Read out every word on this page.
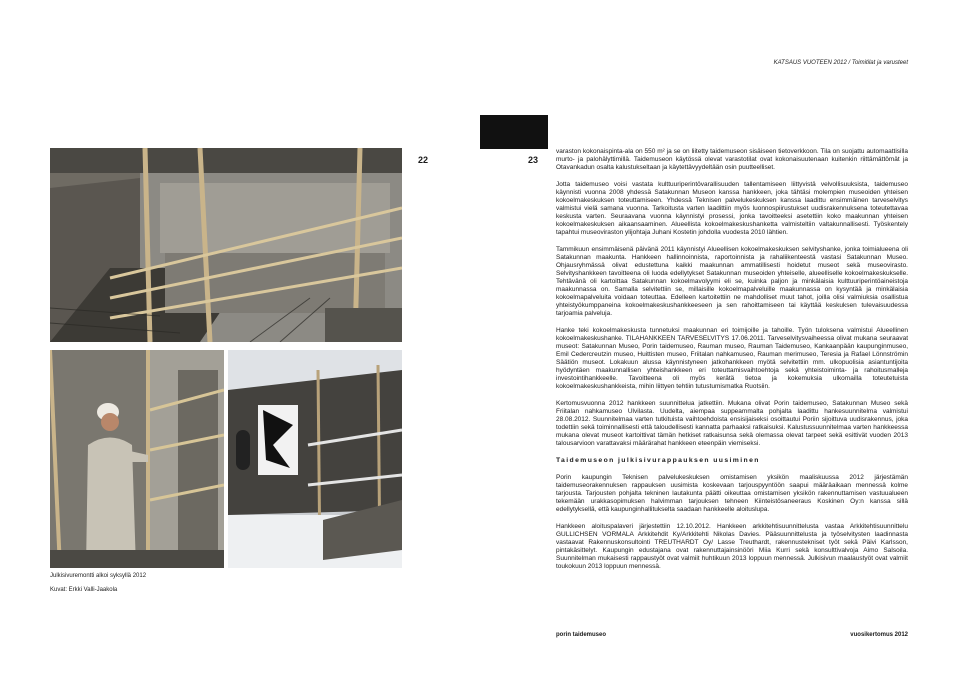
22
Julkisivuremontti alkoi syksyllä 2012
Kuvat: Erkki Valli-Jaakola
23
KATSAUS VUOTEEN 2012 / Toimitilat ja varusteet

varaston kokonaispinta-ala on 550 m² ja se on liitetty taidemuseon sisäiseen tietoverkkoon. Tila on suojattu automaattisilla murto- ja palohälyttimillä. Taidemuseon käytössä olevat varastotilat ovat kokonaisuutenaan kuitenkin riittämättömät ja Otavankadun osalta kalustukseltaan ja käytettävyydeltään osin puutteelliset.

Jotta taidemuseo voisi vastata kulttuuriperintövarallisuuden tallentamiseen liittyvistä velvollisuuksista, taidemuseo käynnisti vuonna 2008 yhdessä Satakunnan Museon kanssa hankkeen, joka tähtäsi molempien museoiden yhteisen kokoelmakeskuksen toteuttamiseen. Yhdessä Teknisen palvelukeskuksen kanssa laadittu ensimmäinen tarveselvitys valmistui vielä samana vuonna. Tarkoitusta varten laadittiin myös luonnospiirustukset uudisrakennuksena toteutettavaa keskusta varten. Seuraavana vuonna käynnistyi prosessi, jonka tavoitteeksi asetettiin koko maakunnan yhteisen kokoelmakeskuksen aikaansaaminen. Alueellista kokoelmakeskushanketta valmisteltiin valtakunnallisesti. Työskentely tapahtui museoviraston ylijohtaja Juhani Kostetin johdolla vuodesta 2010 lähtien.

Tammikuun ensimmäisenä päivänä 2011 käynnistyi Alueellisen kokoelmakeskuksen selvityshanke, jonka toimialueena oli Satakunnan maakunta. Hankkeen hallinnoinnista, raportoinnista ja rahaliikenteestä vastasi Satakunnan Museo. Ohjausryhmässä olivat edustettuna kaikki maakunnan ammatillisesti hoidetut museot sekä museovirasto. Selvityshankkeen tavoitteena oli luoda edellytykset Satakunnan museoiden yhteiselle, alueelliselle kokoelmakeskukselle. Tehtävänä oli kartoittaa Satakunnan kokoelmavolyymi eli se, kuinka paljon ja minkälaisia kulttuuriperintöaineistoja maakunnassa on. Samalla selvitettiin se, millaisille kokoelmapalveluille maakunnassa on kysyntää ja minkälaisia kokoelmapalveluita voidaan toteuttaa. Edelleen kartoitettiin ne mahdolliset muut tahot, joilla olisi valmiuksia osallistua yhteistyökumppaneina kokoelmakeskushankkeeseen ja sen rahoittamiseen tai käyttää keskuksen tulevaisuudessa tarjoamia palveluja.

Hanke teki kokoelmakeskusta tunnetuksi maakunnan eri toimijoille ja tahoille. Työn tuloksena valmistui Alueellinen kokoelmakeskushanke. TILAHANKKEEN TARVESELVITYS 17.06.2011. Tarveselvitysvaiheessa olivat mukana seuraavat museot: Satakunnan Museo, Porin taidemuseo, Rauman museo, Rauman Taidemuseo, Kankaanpään kaupunginmuseo, Emil Cedercreutzin museo, Huittisten museo, Friitalan nahkamuseo, Rauman merimuseo, Teresia ja Rafael Lönnströmin Säätiön museot. Lokakuun alussa käynnistyneen jatkohankkeen myötä selvitettiin mm. ulkopuolisia asiantuntijoita hyödyntäen maakunnallisen yhteishankkeen eri toteuttamisvaihtoehtoja sekä yhteistoiminta- ja rahoitusmalleja investointihankkeelle. Tavoitteena oli myös kerätä tietoa ja kokemuksia ulkomailla toteutetuista kokoelmakeskushankkeista, mihin liittyen tehtiin tutustumismatka Ruotsiin.

Kertomusvuonna 2012 hankkeen suunnittelua jatkettiin. Mukana olivat Porin taidemuseo, Satakunnan Museo sekä Friitalan nahkamuseo Ulvilasta. Uudelta, aiempaa suppeammalta pohjalta laadittu hankesuunnitelma valmistui 28.08.2012. Suunnitelmaa varten tutkituista vaihtoehdoista ensisijaiseksi osoittautui Poriin sijoittuva uudisrakennus, joka todettiin sekä toiminnallisesti että taloudellisesti kannatta parhaaksi ratkaisuksi. Kalustussuunnitelmaa varten hankkeessa mukana olevat museot kartoittivat tämän hetkiset ratkaisunsa sekä olemassa olevat tarpeet sekä esittivät vuoden 2013 talousarvioon varattavaksi määrärahat hankkeen eteenpäin viemiseksi.

Taidemuseon julkisivurappauksen uusiminen

Porin kaupungin Teknisen palvelukeskuksen omistamisen yksikön maaliskuussa 2012 järjestämän taidemuseorakennuksen rappauksen uusimista koskevaan tarjouspyyntöön saapui määräaikaan mennessä kolme tarjousta. Tarjousten pohjalta tekninen lautakunta päätti oikeuttaa omistamisen yksikön rakennuttamisen vastuualueen tekemään urakkasopimuksen halvimman tarjouksen tehneen Kiinteistösaneeraus Koskinen Oy:n kanssa sillä edellytyksellä, että kaupunginhallitukselta saadaan hankkeelle aloituslupa.

Hankkeen aloituspalaveri järjestettiin 12.10.2012. Hankkeen arkkitehtisuunnittelusta vastaa Arkkitehtisuunnittelu GULLICHSEN VORMALA Arkkitehdit Ky/Arkkitehti Nikolas Davies. Pääsuunnittelusta ja työselvitysten laadinnasta vastaavat Rakennuskonsultointi TREUTHARDT Oy/ Lasse Treuthardt, rakennustekniset työt sekä Päivi Karlsson, pintakäsittelyt. Kaupungin edustajana ovat rakennuttajainsinööri Miia Kurri sekä konsulttivalvoja Aimo Salsoila. Suunnitelman mukaisesti rappaustyöt ovat valmiit huhtikuun 2013 loppuun mennessä. Julkisivun maalaustyöt ovat valmiit toukokuun 2013 loppuun mennessä.

porin taidemuseo	vuosikertomus 2012
